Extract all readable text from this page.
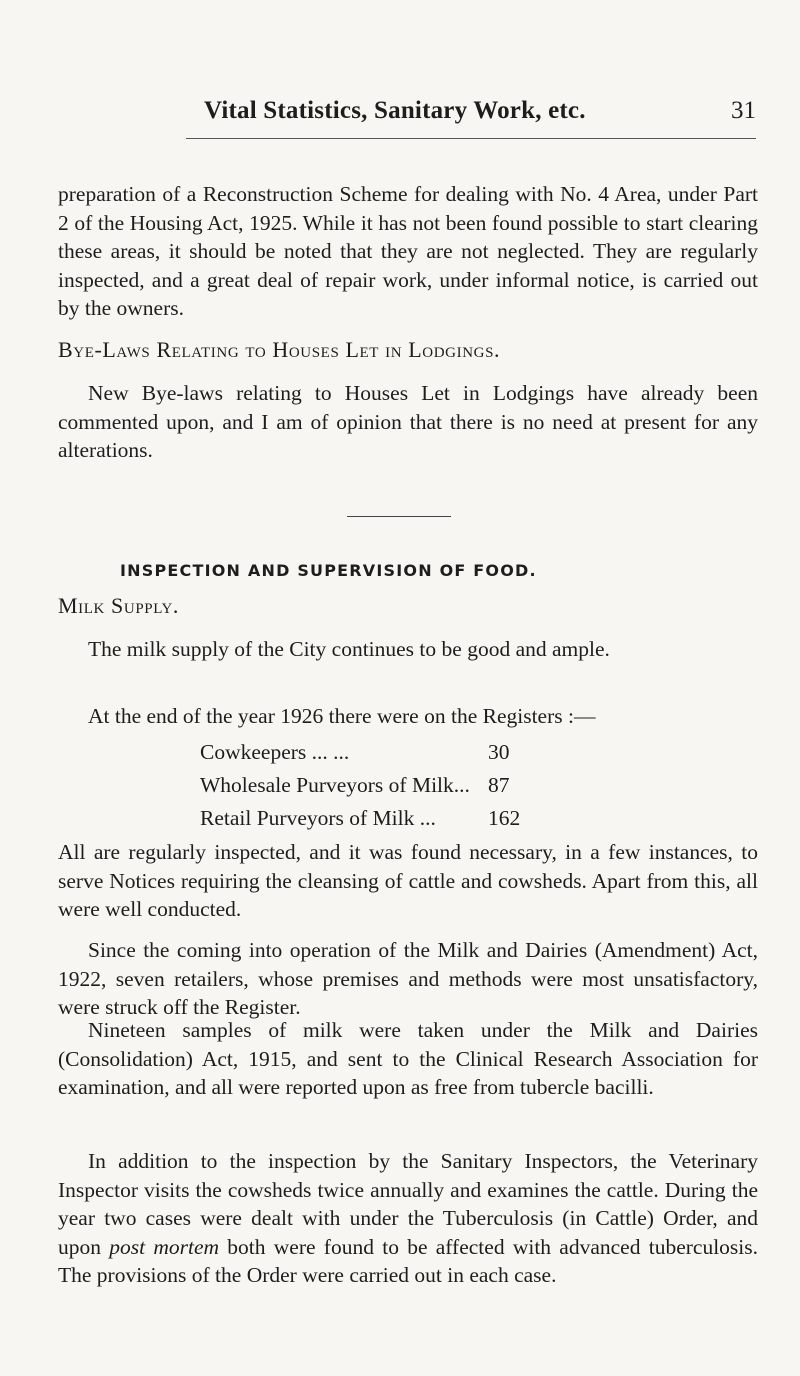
Vital Statistics, Sanitary Work, etc.	31
preparation of a Reconstruction Scheme for dealing with No. 4 Area, under Part 2 of the Housing Act, 1925. While it has not been found possible to start clearing these areas, it should be noted that they are not neglected. They are regularly inspected, and a great deal of repair work, under informal notice, is carried out by the owners.
Bye-Laws Relating to Houses Let in Lodgings.
New Bye-laws relating to Houses Let in Lodgings have already been commented upon, and I am of opinion that there is no need at present for any alterations.
INSPECTION AND SUPERVISION OF FOOD.
Milk Supply.
The milk supply of the City continues to be good and ample.
At the end of the year 1926 there were on the Registers :—
Cowkeepers ... ...	30
Wholesale Purveyors of Milk... 87
Retail Purveyors of Milk ... 162
All are regularly inspected, and it was found necessary, in a few instances, to serve Notices requiring the cleansing of cattle and cowsheds. Apart from this, all were well conducted.
Since the coming into operation of the Milk and Dairies (Amendment) Act, 1922, seven retailers, whose premises and methods were most unsatisfactory, were struck off the Register.
Nineteen samples of milk were taken under the Milk and Dairies (Consolidation) Act, 1915, and sent to the Clinical Research Association for examination, and all were reported upon as free from tubercle bacilli.
In addition to the inspection by the Sanitary Inspectors, the Veterinary Inspector visits the cowsheds twice annually and examines the cattle. During the year two cases were dealt with under the Tuberculosis (in Cattle) Order, and upon post mortem both were found to be affected with advanced tuberculosis. The provisions of the Order were carried out in each case.
